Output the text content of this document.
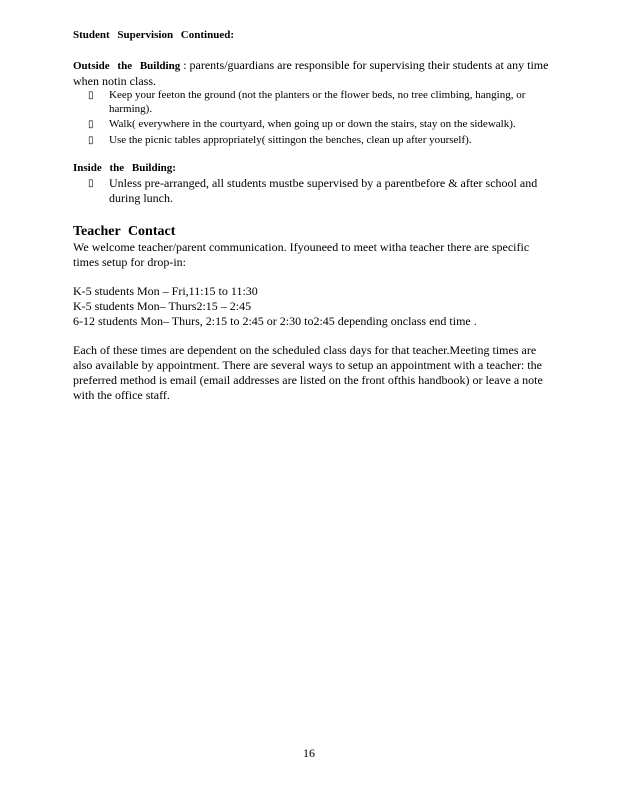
Student Supervision Continued:

Outside the Building : parents/guardians are responsible for supervising their students at any time when notin class.

▯ Keep your feeton the ground (not the planters or the flower beds, no tree climbing, hanging, or harming).
▯ Walk( everywhere in the courtyard, when going up or down the stairs, stay on the sidewalk).
▯ Use the picnic tables appropriately( sittingon the benches, clean up after yourself).
Inside the Building:
▯ Unless pre-arranged, all students mustbe supervised by a parentbefore & after school and during lunch.
Teacher Contact

We welcome teacher/parent communication. Ifyouneed to meet witha teacher there are specific times setup for drop-in:

K-5 students Mon – Fri,11:15 to 11:30

K-5 students Mon– Thurs2:15 – 2:45

6-12 students Mon– Thurs, 2:15 to 2:45 or 2:30 to2:45 depending onclass end time .

Each of these times are dependent on the scheduled class days for that teacher.Meeting times are also available by appointment. There are several ways to setup an appointment with a teacher: the preferred method is email (email addresses are listed on the front ofthis handbook) or leave a note with the office staff.

16
